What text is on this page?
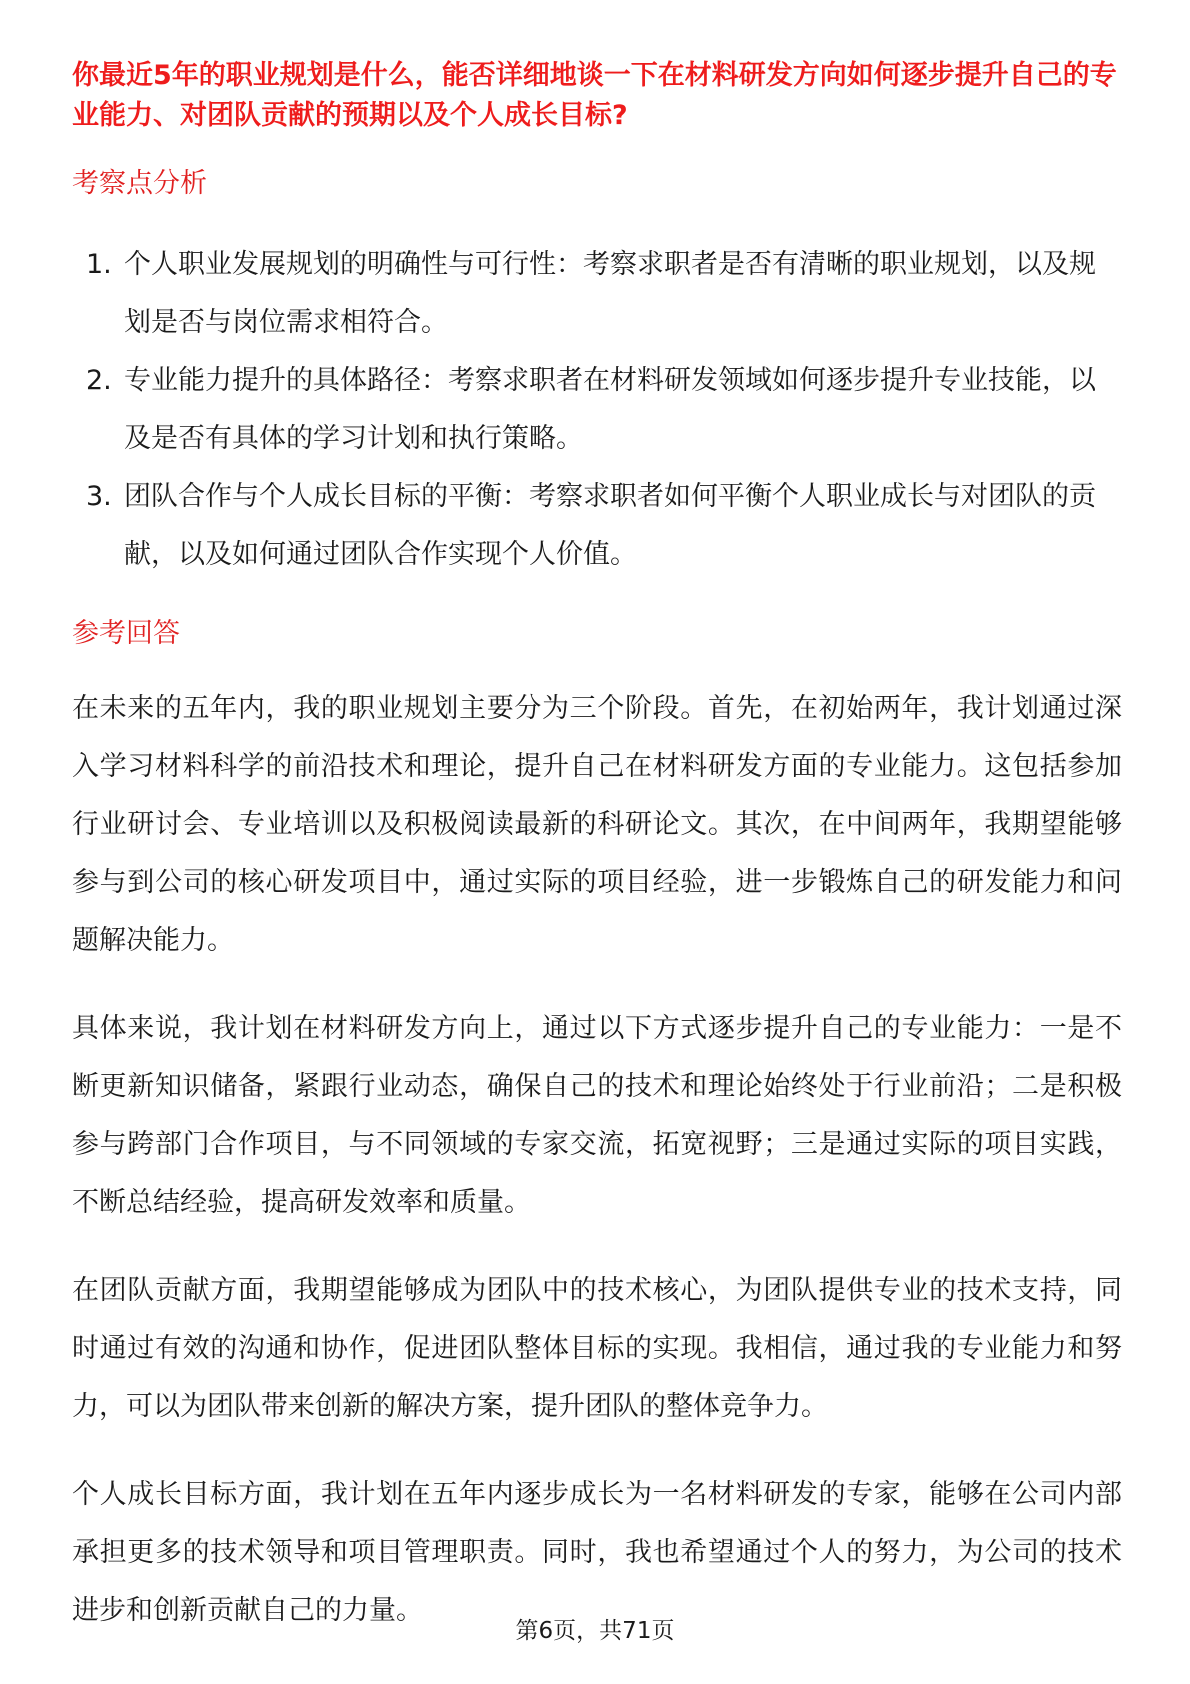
你最近5年的职业规划是什么，能否详细地谈一下在材料研发方向如何逐步提升自己的专业能力、对团队贡献的预期以及个人成长目标?

考察点分析
1. 个人职业发展规划的明确性与可行性：考察求职者是否有清晰的职业规划，以及规划是否与岗位需求相符合。
2. 专业能力提升的具体路径：考察求职者在材料研发领域如何逐步提升专业技能，以及是否有具体的学习计划和执行策略。
3. 团队合作与个人成长目标的平衡：考察求职者如何平衡个人职业成长与对团队的贡献，以及如何通过团队合作实现个人价值。
参考回答

在未来的五年内，我的职业规划主要分为三个阶段。首先，在初始两年，我计划通过深入学习材料科学的前沿技术和理论，提升自己在材料研发方面的专业能力。这包括参加行业研讨会、专业培训以及积极阅读最新的科研论文。其次，在中间两年，我期望能够参与到公司的核心研发项目中，通过实际的项目经验，进一步锻炼自己的研发能力和问题解决能力。

具体来说，我计划在材料研发方向上，通过以下方式逐步提升自己的专业能力：一是不断更新知识储备，紧跟行业动态，确保自己的技术和理论始终处于行业前沿；二是积极参与跨部门合作项目，与不同领域的专家交流，拓宽视野；三是通过实际的项目实践，不断总结经验，提高研发效率和质量。

在团队贡献方面，我期望能够成为团队中的技术核心，为团队提供专业的技术支持，同时通过有效的沟通和协作，促进团队整体目标的实现。我相信，通过我的专业能力和努力，可以为团队带来创新的解决方案，提升团队的整体竞争力。

个人成长目标方面，我计划在五年内逐步成长为一名材料研发的专家，能够在公司内部承担更多的技术领导和项目管理职责。同时，我也希望通过个人的努力，为公司的技术进步和创新贡献自己的力量。

第6页，共71页
